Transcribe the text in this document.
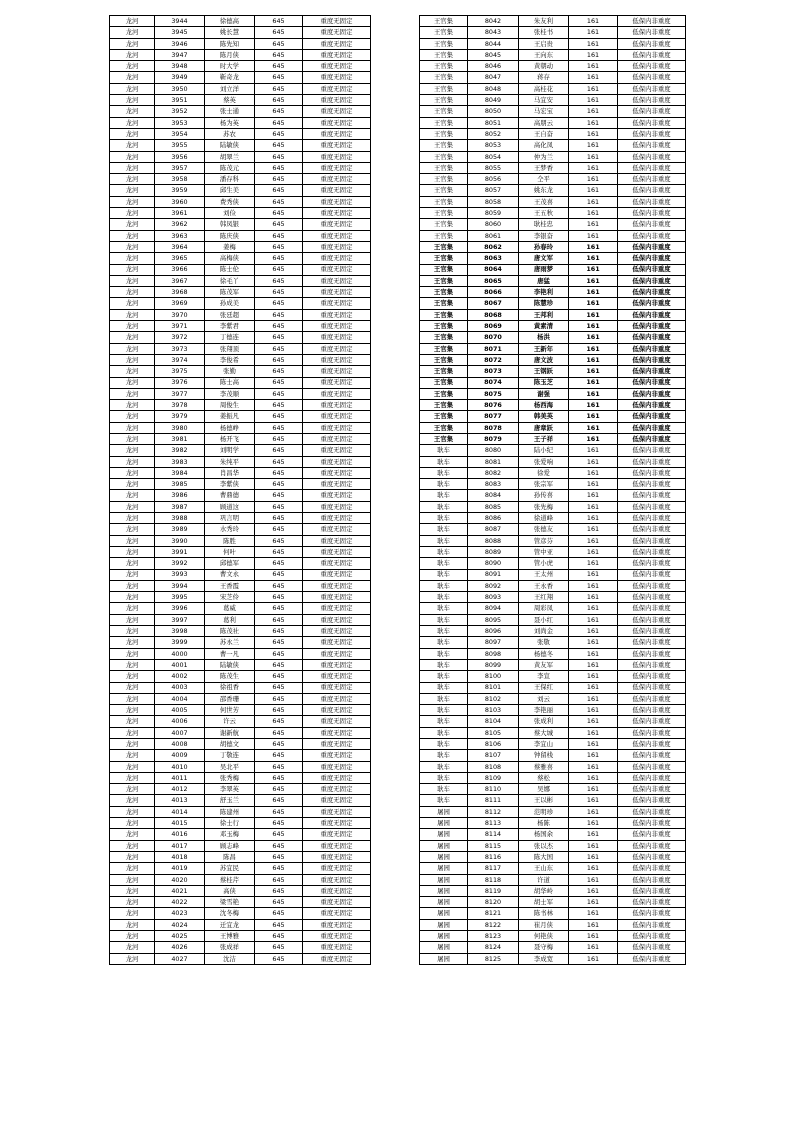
龙河	3944	徐德高	645	重度无固定
龙河	3945	姚长慧	645	重度无固定
龙河	3946	陈先知	645	重度无固定
龙河	3947	陈月侠	645	重度无固定
龙河	3948	时大学	645	重度无固定
龙河	3949	靳奇龙	645	重度无固定
龙河	3950	刘立洋	645	重度无固定
龙河	3951	蔡英	645	重度无固定
龙河	3952	张士通	645	重度无固定
龙河	3953	杨为英	645	重度无固定
龙河	3954	苏农	645	重度无固定
龙河	3955	陆敏侠	645	重度无固定
龙河	3956	胡翠兰	645	重度无固定
龙河	3957	陈茂元	645	重度无固定
龙河	3958	潘存科	645	重度无固定
龙河	3959	邱生美	645	重度无固定
龙河	3960	费秀侠	645	重度无固定
龙河	3961	刘俭	645	重度无固定
龙河	3962	韩凤银	645	重度无固定
龙河	3963	陈庆侠	645	重度无固定
龙河	3964	姜梅	645	重度无固定
龙河	3965	高梅侠	645	重度无固定
龙河	3966	陈士伦	645	重度无固定
龙河	3967	徐毛丫	645	重度无固定
龙河	3968	陈茂军	645	重度无固定
龙河	3969	孙成美	645	重度无固定
龙河	3970	张廷超	645	重度无固定
龙河	3971	李紫君	645	重度无固定
龙河	3972	丁德连	645	重度无固定
龙河	3973	张翔顶	645	重度无固定
龙河	3974	李俊希	645	重度无固定
龙河	3975	张勤	645	重度无固定
龙河	3976	陈士高	645	重度无固定
龙河	3977	李茂顺	645	重度无固定
龙河	3978	周俊生	645	重度无固定
龙河	3979	姜振凡	645	重度无固定
龙河	3980	杨德峥	645	重度无固定
龙河	3981	杨开飞	645	重度无固定
龙河	3982	刘明学	645	重度无固定
龙河	3983	朱纯平	645	重度无固定
龙河	3984	肖昌华	645	重度无固定
龙河	3985	李紫侠	645	重度无固定
龙河	3986	曹鼎德	645	重度无固定
龙河	3987	顾道这	645	重度无固定
龙河	3988	巩言明	645	重度无固定
龙河	3989	水秀玲	645	重度无固定
龙河	3990	陈胜	645	重度无固定
龙河	3991	何叶	645	重度无固定
龙河	3992	邱德军	645	重度无固定
龙河	3993	曹文永	645	重度无固定
龙河	3994	王香霞	645	重度无固定
龙河	3995	宋芝伶	645	重度无固定
龙河	3996	葛威	645	重度无固定
龙河	3997	葛利	645	重度无固定
龙河	3998	陈茂社	645	重度无固定
龙河	3999	苏永兰	645	重度无固定
龙河	4000	曹一凡	645	重度无固定
龙河	4001	陆敏侠	645	重度无固定
龙河	4002	陈茂生	645	重度无固定
龙河	4003	徐祖香	645	重度无固定
龙河	4004	邵香珊	645	重度无固定
龙河	4005	何世芳	645	重度无固定
龙河	4006	许云	645	重度无固定
龙河	4007	谢新航	645	重度无固定
龙河	4008	胡德文	645	重度无固定
龙河	4009	丁敬连	645	重度无固定
龙河	4010	吴北平	645	重度无固定
龙河	4011	张秀梅	645	重度无固定
龙河	4012	李翠英	645	重度无固定
龙河	4013	舒玉兰	645	重度无固定
龙河	4014	陈建州	645	重度无固定
龙河	4015	徐士行	645	重度无固定
龙河	4016	邓玉梅	645	重度无固定
龙河	4017	顾志峰	645	重度无固定
龙河	4018	陈昌	645	重度无固定
龙河	4019	苏宜民	645	重度无固定
龙河	4020	蔡桂芹	645	重度无固定
龙河	4021	高侠	645	重度无固定
龙河	4022	梁雪艳	645	重度无固定
龙河	4023	沈冬梅	645	重度无固定
龙河	4024	迁宜龙	645	重度无固定
龙河	4025	王博雅	645	重度无固定
龙河	4026	张成祥	645	重度无固定
龙河	4027	沈洁	645	重度无固定
王官集	8042	朱友利	161	低保内非重度
王官集	8043	张桂书	161	低保内非重度
王官集	8044	王启贵	161	低保内非重度
王官集	8045	王向东	161	低保内非重度
王官集	8046	黄朝动	161	低保内非重度
王官集	8047	蒋存	161	低保内非重度
王官集	8048	高桂花	161	低保内非重度
王官集	8049	马宜安	161	低保内非重度
王官集	8050	马宏宝	161	低保内非重度
王官集	8051	高朋云	161	低保内非重度
王官集	8052	王自奋	161	低保内非重度
王官集	8053	高化凤	161	低保内非重度
王官集	8054	仲为兰	161	低保内非重度
王官集	8055	王梦香	161	低保内非重度
王官集	8056	仝平	161	低保内非重度
王官集	8057	姚东龙	161	低保内非重度
王官集	8058	王茂喜	161	低保内非重度
王官集	8059	王五秋	161	低保内非重度
王官集	8060	耿桂忠	161	低保内非重度
王官集	8061	李银奋	161	低保内非重度
王官集	8062	孙春玲	161	低保内非重度
王官集	8063	唐文军	161	低保内非重度
王官集	8064	唐雨梦	161	低保内非重度
王官集	8065	唐猛	161	低保内非重度
王官集	8066	李艳利	161	低保内非重度
王官集	8067	陈慧珍	161	低保内非重度
王官集	8068	王邦利	161	低保内非重度
王官集	8069	黄素清	161	低保内非重度
王官集	8070	杨洪	161	低保内非重度
王官集	8071	王新年	161	低保内非重度
王官集	8072	唐文波	161	低保内非重度
王官集	8073	王钢跃	161	低保内非重度
王官集	8074	陈玉芝	161	低保内非重度
王官集	8075	谢强	161	低保内非重度
王官集	8076	杨西海	161	低保内非重度
王官集	8077	韩美英	161	低保内非重度
王官集	8078	唐章跃	161	低保内非重度
王官集	8079	王子祥	161	低保内非重度
耿车	8080	陆小纪	161	低保内非重度
耿车	8081	张爱响	161	低保内非重度
耿车	8082	徐爱	161	低保内非重度
耿车	8083	张宗军	161	低保内非重度
耿车	8084	孙传喜	161	低保内非重度
耿车	8085	张先梅	161	低保内非重度
耿车	8086	徐道峰	161	低保内非重度
耿车	8087	张德友	161	低保内非重度
耿车	8088	管彦芬	161	低保内非重度
耿车	8089	管中亚	161	低保内非重度
耿车	8090	管小虎	161	低保内非重度
耿车	8091	王太州	161	低保内非重度
耿车	8092	王永香	161	低保内非重度
耿车	8093	王红翔	161	低保内非重度
耿车	8094	周彩凤	161	低保内非重度
耿车	8095	聂小红	161	低保内非重度
耿车	8096	刘尚金	161	低保内非重度
耿车	8097	张敬	161	低保内非重度
耿车	8098	杨德冬	161	低保内非重度
耿车	8099	黄友军	161	低保内非重度
耿车	8100	李宣	161	低保内非重度
耿车	8101	王保红	161	低保内非重度
耿车	8102	刘云	161	低保内非重度
耿车	8103	李艳丽	161	低保内非重度
耿车	8104	张成利	161	低保内非重度
耿车	8105	蔡大城	161	低保内非重度
耿车	8106	李宜山	161	低保内非重度
耿车	8107	钟留栈	161	低保内非重度
耿车	8108	蔡雅喜	161	低保内非重度
耿车	8109	蔡松	161	低保内非重度
耿车	8110	吴娜	161	低保内非重度
耿车	8111	王以彬	161	低保内非重度
屠园	8112	范明珍	161	低保内非重度
屠园	8113	杨陈	161	低保内非重度
屠园	8114	杨国余	161	低保内非重度
屠园	8115	张以杰	161	低保内非重度
屠园	8116	陈大国	161	低保内非重度
屠园	8117	王山东	161	低保内非重度
屠园	8118	许道	161	低保内非重度
屠园	8119	胡华岭	161	低保内非重度
屠园	8120	胡士军	161	低保内非重度
屠园	8121	陈书林	161	低保内非重度
屠园	8122	崔月侠	161	低保内非重度
屠园	8123	何艳侠	161	低保内非重度
屠园	8124	聂守梅	161	低保内非重度
屠园	8125	李成宽	161	低保内非重度
